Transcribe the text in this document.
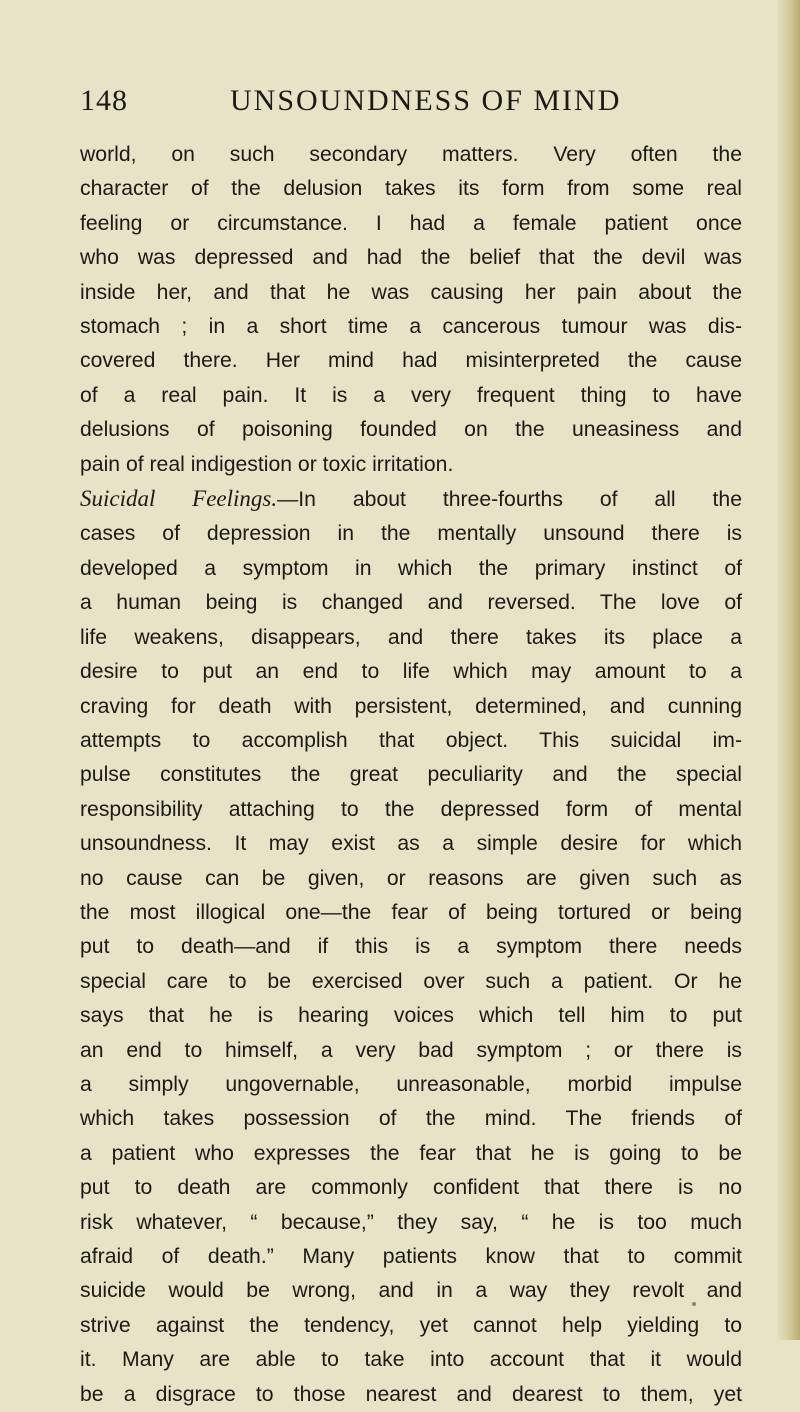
148	UNSOUNDNESS OF MIND
world, on such secondary matters. Very often the
character of the delusion takes its form from some real
feeling or circumstance. I had a female patient once
who was depressed and had the belief that the devil was
inside her, and that he was causing her pain about the
stomach ; in a short time a cancerous tumour was dis-
covered there. Her mind had misinterpreted the cause
of a real pain. It is a very frequent thing to have
delusions of poisoning founded on the uneasiness and
pain of real indigestion or toxic irritation.
Suicidal Feelings.—In about three-fourths of all the
cases of depression in the mentally unsound there is
developed a symptom in which the primary instinct of
a human being is changed and reversed. The love of
life weakens, disappears, and there takes its place a
desire to put an end to life which may amount to a
craving for death with persistent, determined, and cunning
attempts to accomplish that object. This suicidal im-
pulse constitutes the great peculiarity and the special
responsibility attaching to the depressed form of mental
unsoundness. It may exist as a simple desire for which
no cause can be given, or reasons are given such as
the most illogical one—the fear of being tortured or being
put to death—and if this is a symptom there needs
special care to be exercised over such a patient. Or he
says that he is hearing voices which tell him to put
an end to himself, a very bad symptom ; or there is
a simply ungovernable, unreasonable, morbid impulse
which takes possession of the mind. The friends of
a patient who expresses the fear that he is going to be
put to death are commonly confident that there is no
risk whatever, “ because,” they say, “ he is too much
afraid of death.” Many patients know that to commit
suicide would be wrong, and in a way they revolt and
strive against the tendency, yet cannot help yielding to
it. Many are able to take into account that it would
be a disgrace to those nearest and dearest to them, yet
